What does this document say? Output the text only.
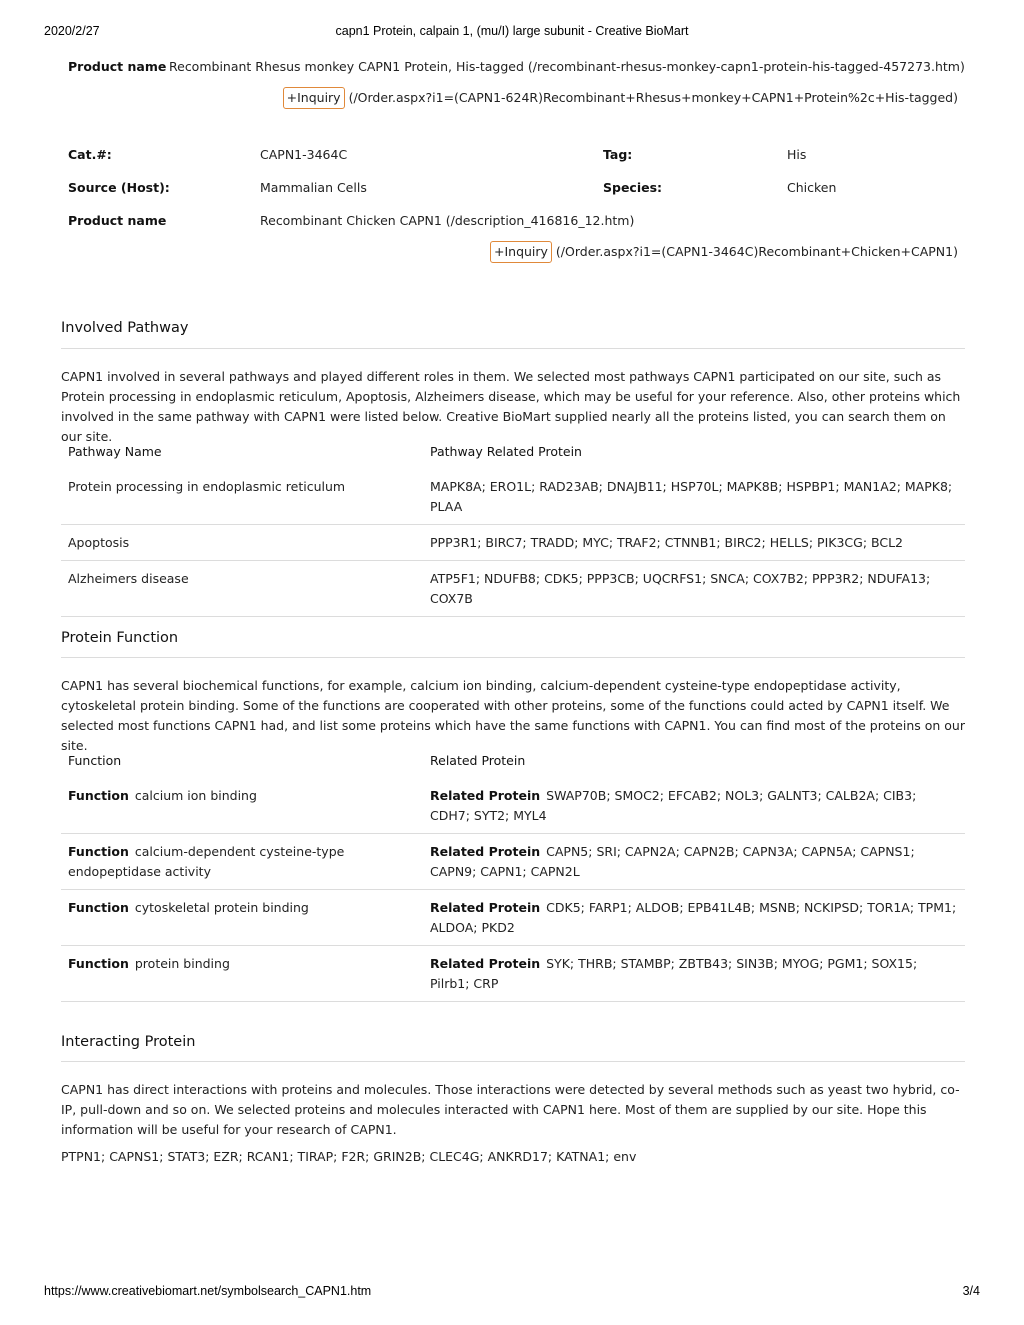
2020/2/27	capn1 Protein, calpain 1, (mu/I) large subunit - Creative BioMart
Product name Recombinant Rhesus monkey CAPN1 Protein, His-tagged (/recombinant-rhesus-monkey-capn1-protein-his-tagged-457273.htm)
+Inquiry (/Order.aspx?i1=(CAPN1-624R)Recombinant+Rhesus+monkey+CAPN1+Protein%2c+His-tagged)
Cat.#:	CAPN1-3464C	Tag:	His
Source (Host):	Mammalian Cells	Species:	Chicken
Product name	Recombinant Chicken CAPN1 (/description_416816_12.htm)
+Inquiry (/Order.aspx?i1=(CAPN1-3464C)Recombinant+Chicken+CAPN1)
Involved Pathway
CAPN1 involved in several pathways and played different roles in them. We selected most pathways CAPN1 participated on our site, such as Protein processing in endoplasmic reticulum, Apoptosis, Alzheimers disease, which may be useful for your reference. Also, other proteins which involved in the same pathway with CAPN1 were listed below. Creative BioMart supplied nearly all the proteins listed, you can search them on our site.
Pathway Name	Pathway Related Protein
Protein processing in endoplasmic reticulum	MAPK8A; ERO1L; RAD23AB; DNAJB11; HSP70L; MAPK8B; HSPBP1; MAN1A2; MAPK8; PLAA
Apoptosis	PPP3R1; BIRC7; TRADD; MYC; TRAF2; CTNNB1; BIRC2; HELLS; PIK3CG; BCL2
Alzheimers disease	ATP5F1; NDUFB8; CDK5; PPP3CB; UQCRFS1; SNCA; COX7B2; PPP3R2; NDUFA13; COX7B
Protein Function
CAPN1 has several biochemical functions, for example, calcium ion binding, calcium-dependent cysteine-type endopeptidase activity, cytoskeletal protein binding. Some of the functions are cooperated with other proteins, some of the functions could acted by CAPN1 itself. We selected most functions CAPN1 had, and list some proteins which have the same functions with CAPN1. You can find most of the proteins on our site.
Function	Related Protein
Function calcium ion binding	Related Protein SWAP70B; SMOC2; EFCAB2; NOL3; GALNT3; CALB2A; CIB3; CDH7; SYT2; MYL4
Function calcium-dependent cysteine-type endopeptidase activity	Related Protein CAPN5; SRI; CAPN2A; CAPN2B; CAPN3A; CAPN5A; CAPNS1; CAPN9; CAPN1; CAPN2L
Function cytoskeletal protein binding	Related Protein CDK5; FARP1; ALDOB; EPB41L4B; MSNB; NCKIPSD; TOR1A; TPM1; ALDOA; PKD2
Function protein binding	Related Protein SYK; THRB; STAMBP; ZBTB43; SIN3B; MYOG; PGM1; SOX15; Pilrb1; CRP
Interacting Protein
CAPN1 has direct interactions with proteins and molecules. Those interactions were detected by several methods such as yeast two hybrid, co-IP, pull-down and so on. We selected proteins and molecules interacted with CAPN1 here. Most of them are supplied by our site. Hope this information will be useful for your research of CAPN1.
PTPN1; CAPNS1; STAT3; EZR; RCAN1; TIRAP; F2R; GRIN2B; CLEC4G; ANKRD17; KATNA1; env
https://www.creativebiomart.net/symbolsearch_CAPN1.htm	3/4
